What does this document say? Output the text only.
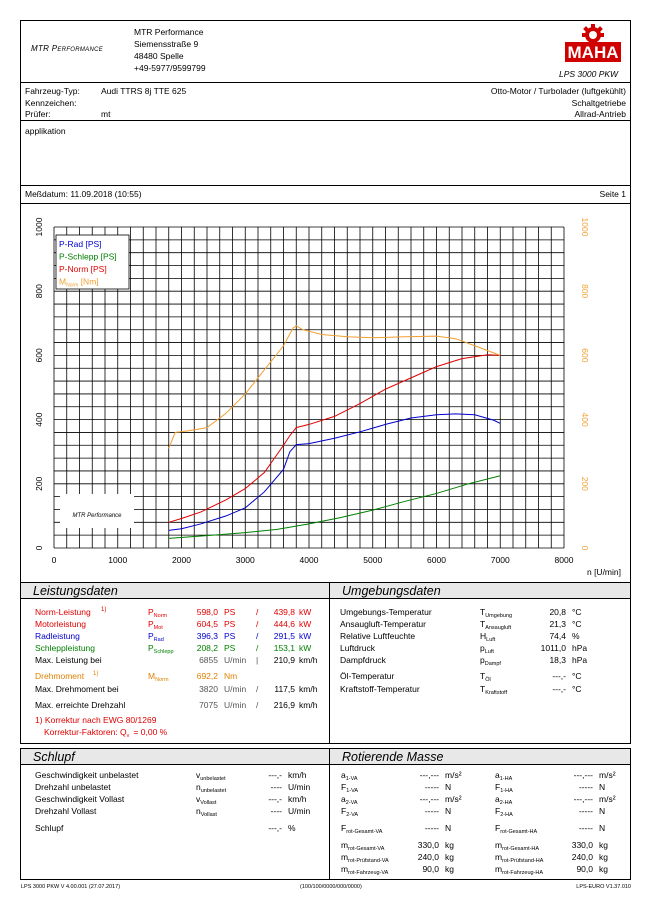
MTR Performance
MTR Performance
Siemensstraße 9
48480 Spelle
+49-5977/9599799
MAHA
LPS 3000 PKW
Fahrzeug-Typ: Audi TTRS 8j TTE 625
Kennzeichen:
Prüfer:	mt
Otto-Motor / Turbolader (luftgekühlt)
Schaltgetriebe
Allrad-Antrieb
applikation
Meßdatum: 11.09.2018 (10:55)	Seite 1
MTR Performance
P-Rad [PS]
P-Schlepp [PS]
P-Norm [PS]
$M_{Norm}$ [Nm]
0	1000	2000	3000	4000	5000	6000	7000	8000
n [U/min]
0
200
400
600
800
1000
0
200
400
600
800
1000
Leistungsdaten
Norm-Leistung 1)	$P_{Norm}$	598,0 PS /	439,8 kW
Motorleistung	$P_{Mot}$	604,5 PS /	444,6 kW
Radleistung	$P_{Rad}$	396,3 PS /	291,5 kW
Schleppleistung	$P_{Schlepp}$	208,2 PS /	153,1 kW
Max. Leistung bei	6855 U/min |	210,9 km/h
Drehmoment 1)	$M_{Norm}$	692,2 Nm
Max. Drehmoment bei	3820 U/min /	117,5 km/h
Max. erreichte Drehzahl	7075 U/min /	216,9 km/h
1) Korrektur nach EWG 80/1269
Korrektur-Faktoren: $Q_v = 0,00$ %
Umgebungsdaten
Umgebungs-Temperatur	$T_{Umgebung}$	20,8 °C
Ansaugluft-Temperatur	$T_{Ansaugluft}$	21,3 °C
Relative Luftfeuchte	$H_{Luft}$	74,4 %
Luftdruck	$p_{Luft}$	1011,0 hPa
Dampfdruck	$p_{Dampf}$	18,3 hPa
Öl-Temperatur	$T_{Öl}$	---,- °C
Kraftstoff-Temperatur	$T_{Kraftstoff}$	---,- °C
Schlupf
Geschwindigkeit unbelastet	$v_{unbelastet}$	---,- km/h
Drehzahl unbelastet	$n_{unbelastet}$	---- U/min
Geschwindigkeit Vollast	$v_{Vollast}$	---,- km/h
Drehzahl Vollast	$n_{Vollast}$	---- U/min
Schlupf	---,- %
Rotierende Masse
$a_{1-VA}$	---,--- m/s²
$F_{1-VA}$	----- N
$a_{2-VA}$	---,--- m/s²
$F_{2-VA}$	----- N
$F_{rot-Gesamt-VA}$	----- N
$m_{rot-Gesamt-VA}$	330,0 kg
$m_{rot-Prüfstand-VA}$	240,0 kg
$m_{rot-Fahrzeug-VA}$	90,0 kg
$a_{1-HA}$	---,--- m/s²
$F_{1-HA}$	----- N
$a_{2-HA}$	---,--- m/s²
$F_{2-HA}$	----- N
$F_{rot-Gesamt-HA}$	----- N
$m_{rot-Gesamt-HA}$	330,0 kg
$m_{rot-Prüfstand-HA}$	240,0 kg
$m_{rot-Fahrzeug-HA}$	90,0 kg
LPS 3000 PKW V 4.00.001 (27.07.2017)	(100/100/0000/000/0000)	LPS-EURO V1.37.010
